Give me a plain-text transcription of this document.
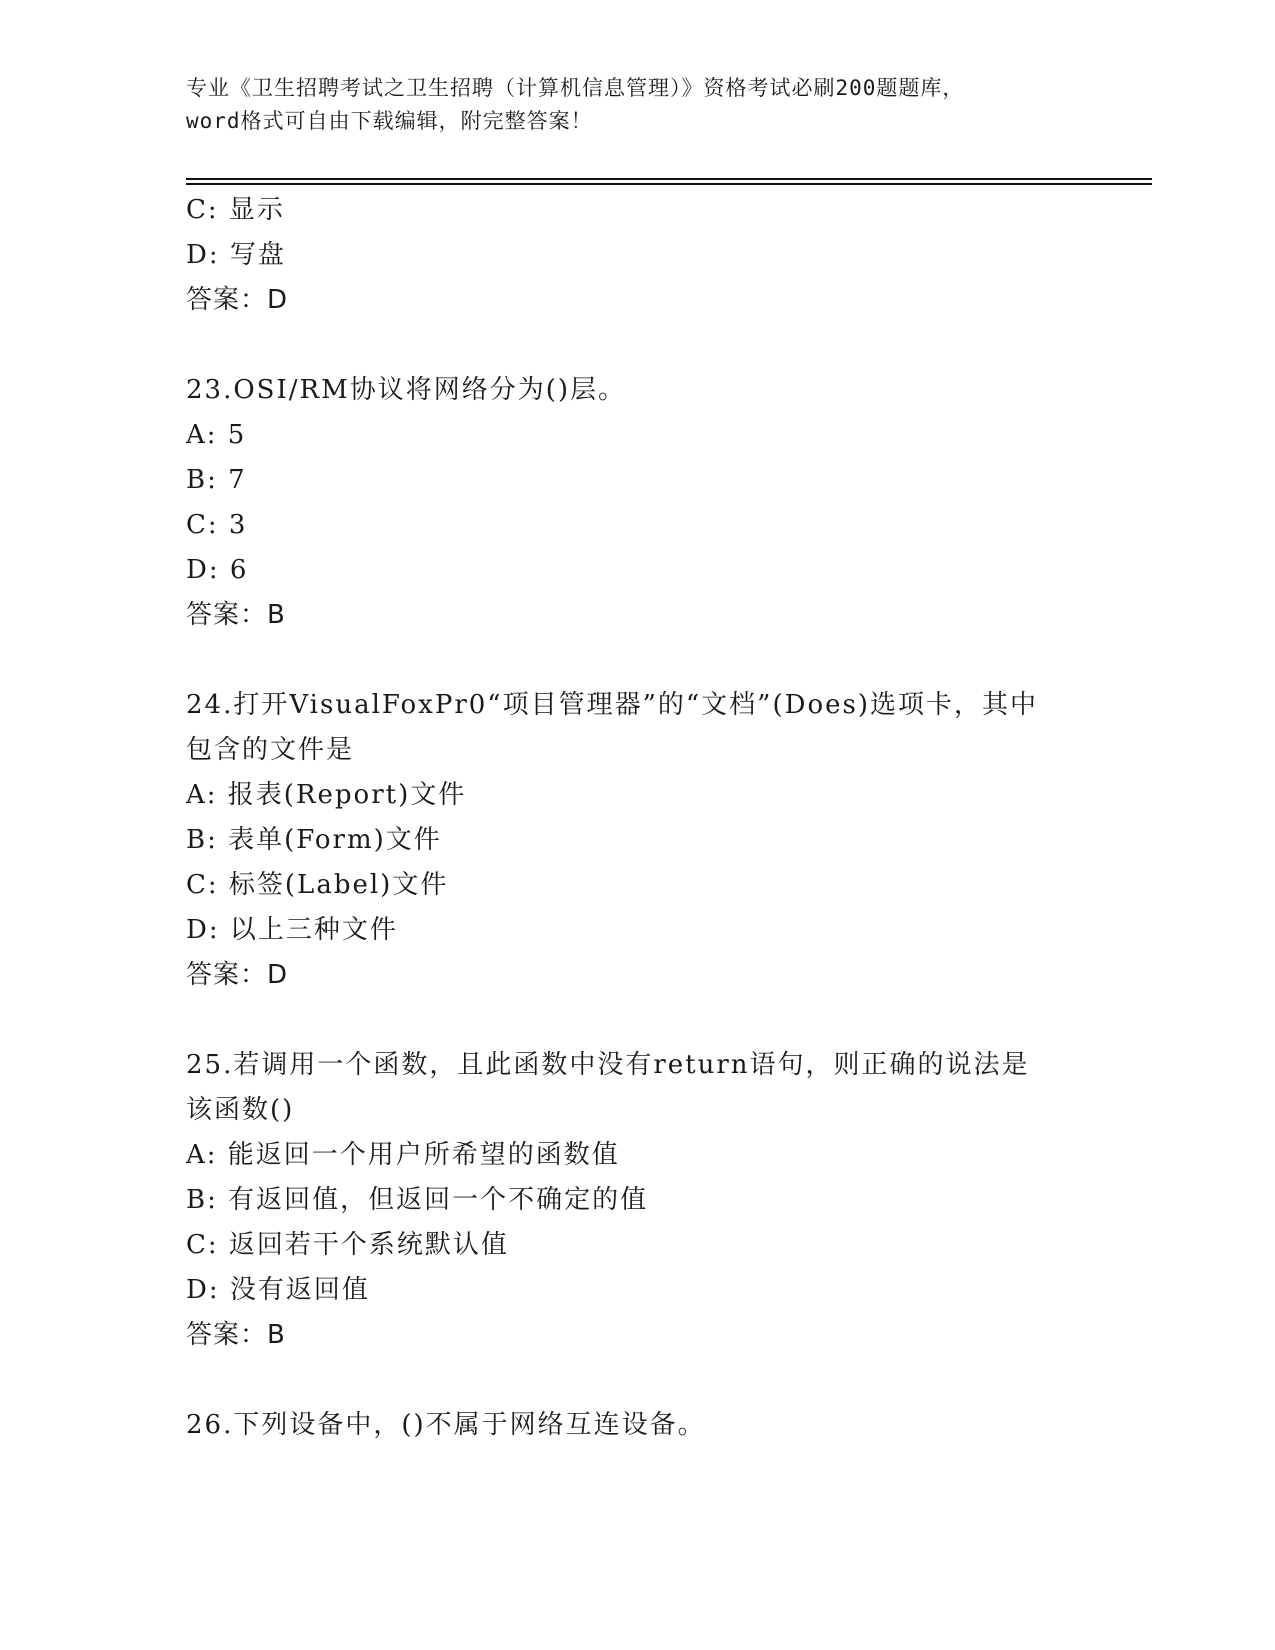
专业《卫生招聘考试之卫生招聘（计算机信息管理）》资格考试必刷200题题库，
word格式可自由下载编辑，附完整答案！
C: 显示
D: 写盘
答案：D
23.OSI/RM协议将网络分为()层。
A: 5
B: 7
C: 3
D: 6
答案：B
24.打开VisualFoxPr0“项目管理器”的“文档”(Does)选项卡，其中
包含的文件是
A: 报表(Report)文件
B: 表单(Form)文件
C: 标签(Label)文件
D: 以上三种文件
答案：D
25.若调用一个函数，且此函数中没有return语句，则正确的说法是
该函数()
A: 能返回一个用户所希望的函数值
B: 有返回值，但返回一个不确定的值
C: 返回若干个系统默认值
D: 没有返回值
答案：B
26.下列设备中，()不属于网络互连设备。
